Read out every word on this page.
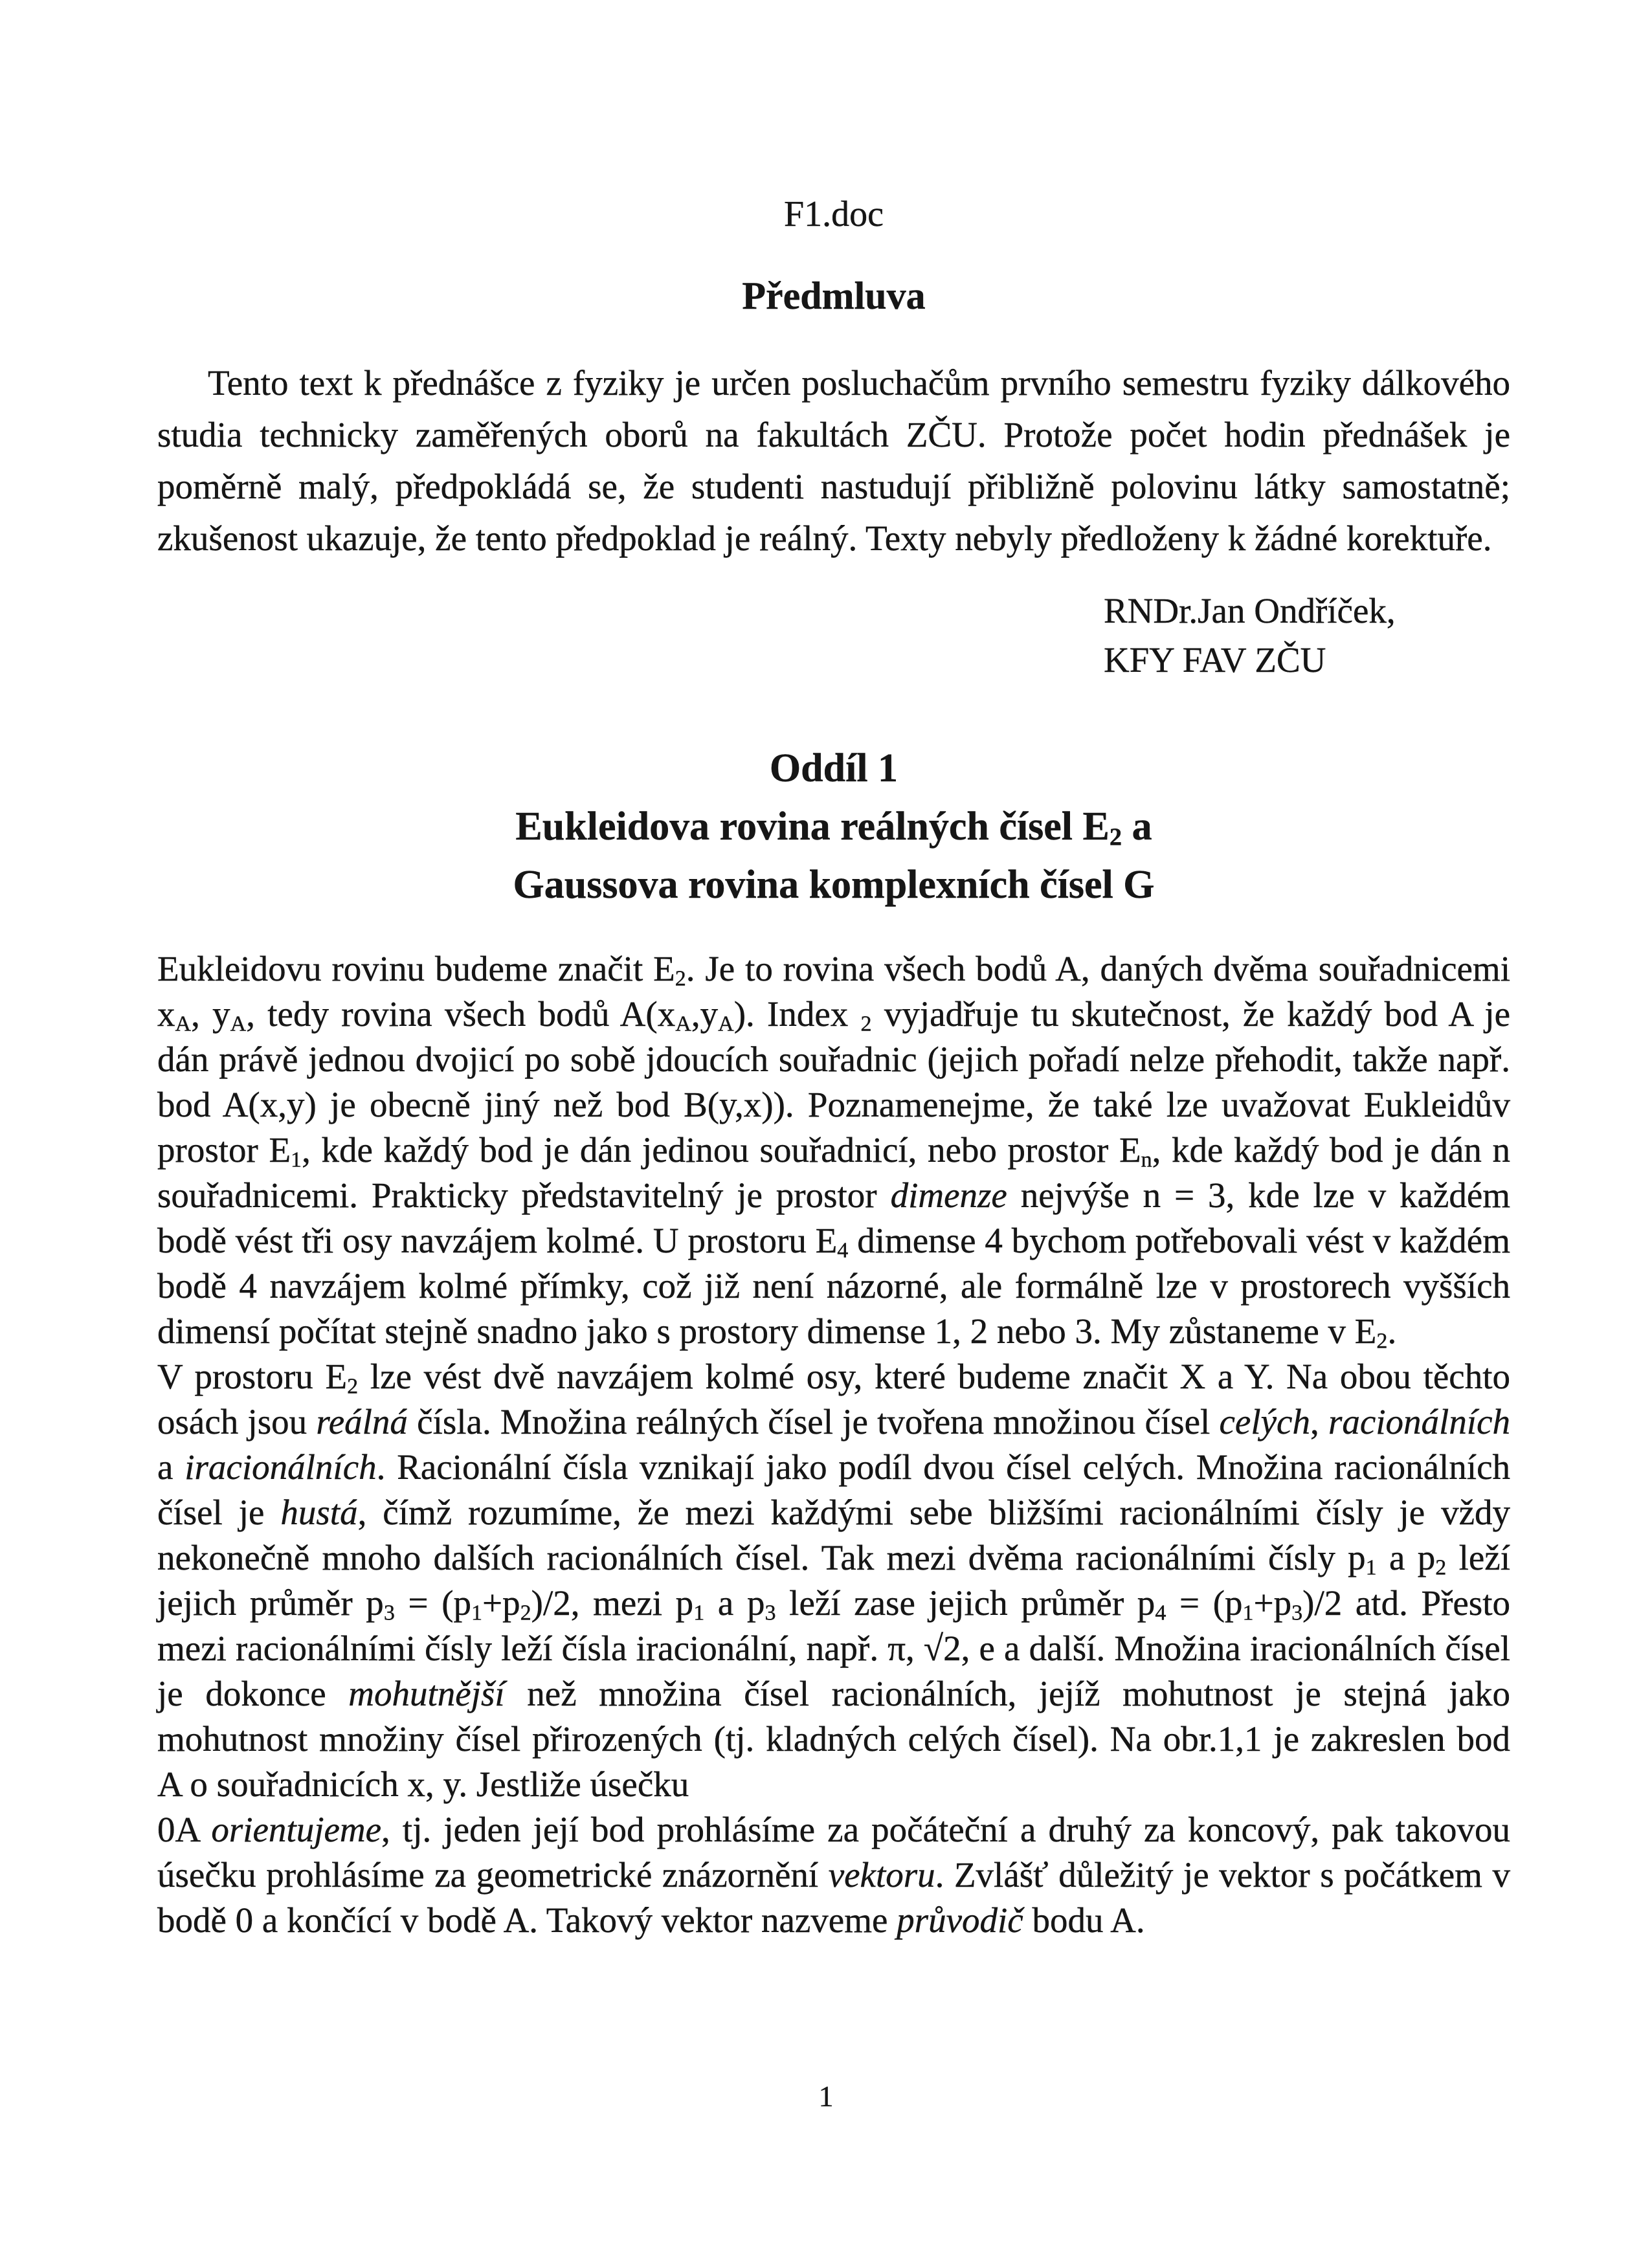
F1.doc
Předmluva

Tento text k přednášce z fyziky je určen posluchačům prvního semestru fyziky dálkového studia technicky zaměřených oborů na fakultách ZČU. Protože počet hodin přednášek je poměrně malý, předpokládá se, že studenti nastudují přibližně polovinu látky samostatně; zkušenost ukazuje, že tento předpoklad je reálný. Texty nebyly předloženy k žádné korektuře.

RNDr.Jan Ondříček,
KFY FAV ZČU
Oddíl 1
Eukleidova rovina reálných čísel $E_2$ a
Gaussova rovina komplexních čísel G

Eukleidovu rovinu budeme značit $E_2$. Je to rovina všech bodů A, daných dvěma souřadnicemi $x_A$, $y_A$, tedy rovina všech bodů $A(x_A,y_A)$. Index $_2$ vyjadřuje tu skutečnost, že každý bod A je dán právě jednou dvojicí po sobě jdoucích souřadnic (jejich pořadí nelze přehodit, takže např. bod A(x,y) je obecně jiný než bod B(y,x)). Poznamenejme, že také lze uvažovat Eukleidův prostor $E_1$, kde každý bod je dán jedinou souřadnicí, nebo prostor $E_n$, kde každý bod je dán n souřadnicemi. Prakticky představitelný je prostor dimenze nejvýše n = 3, kde lze v každém bodě vést tři osy navzájem kolmé. U prostoru $E_4$ dimense 4 bychom potřebovali vést v každém bodě 4 navzájem kolmé přímky, což již není názorné, ale formálně lze v prostorech vyšších dimensí počítat stejně snadno jako s prostory dimense 1, 2 nebo 3. My zůstaneme v $E_2$.

V prostoru $E_2$ lze vést dvě navzájem kolmé osy, které budeme značit X a Y. Na obou těchto osách jsou reálná čísla. Množina reálných čísel je tvořena množinou čísel celých, racionálních a iracionálních. Racionální čísla vznikají jako podíl dvou čísel celých. Množina racionálních čísel je hustá, čímž rozumíme, že mezi každými sebe bližšími racionálními čísly je vždy nekonečně mnoho dalších racionálních čísel. Tak mezi dvěma racionálními čísly $p_1$ a $p_2$ leží jejich průměr $p_3 = (p_1+p_2)/2$, mezi $p_1$ a $p_3$ leží zase jejich průměr $p_4 = (p_1+p_3)/2$ atd. Přesto mezi racionálními čísly leží čísla iracionální, např. π, √2, e a další. Množina iracionálních čísel je dokonce mohutnější než množina čísel racionálních, jejíž mohutnost je stejná jako mohutnost množiny čísel přirozených (tj. kladných celých čísel). Na obr.1,1 je zakreslen bod A o souřadnicích x, y. Jestliže úsečku

0A orientujeme, tj. jeden její bod prohlásíme za počáteční a druhý za koncový, pak takovou úsečku prohlásíme za geometrické znázornění vektoru. Zvlášť důležitý je vektor s počátkem v bodě 0 a končící v bodě A. Takový vektor nazveme průvodič bodu A.

1
